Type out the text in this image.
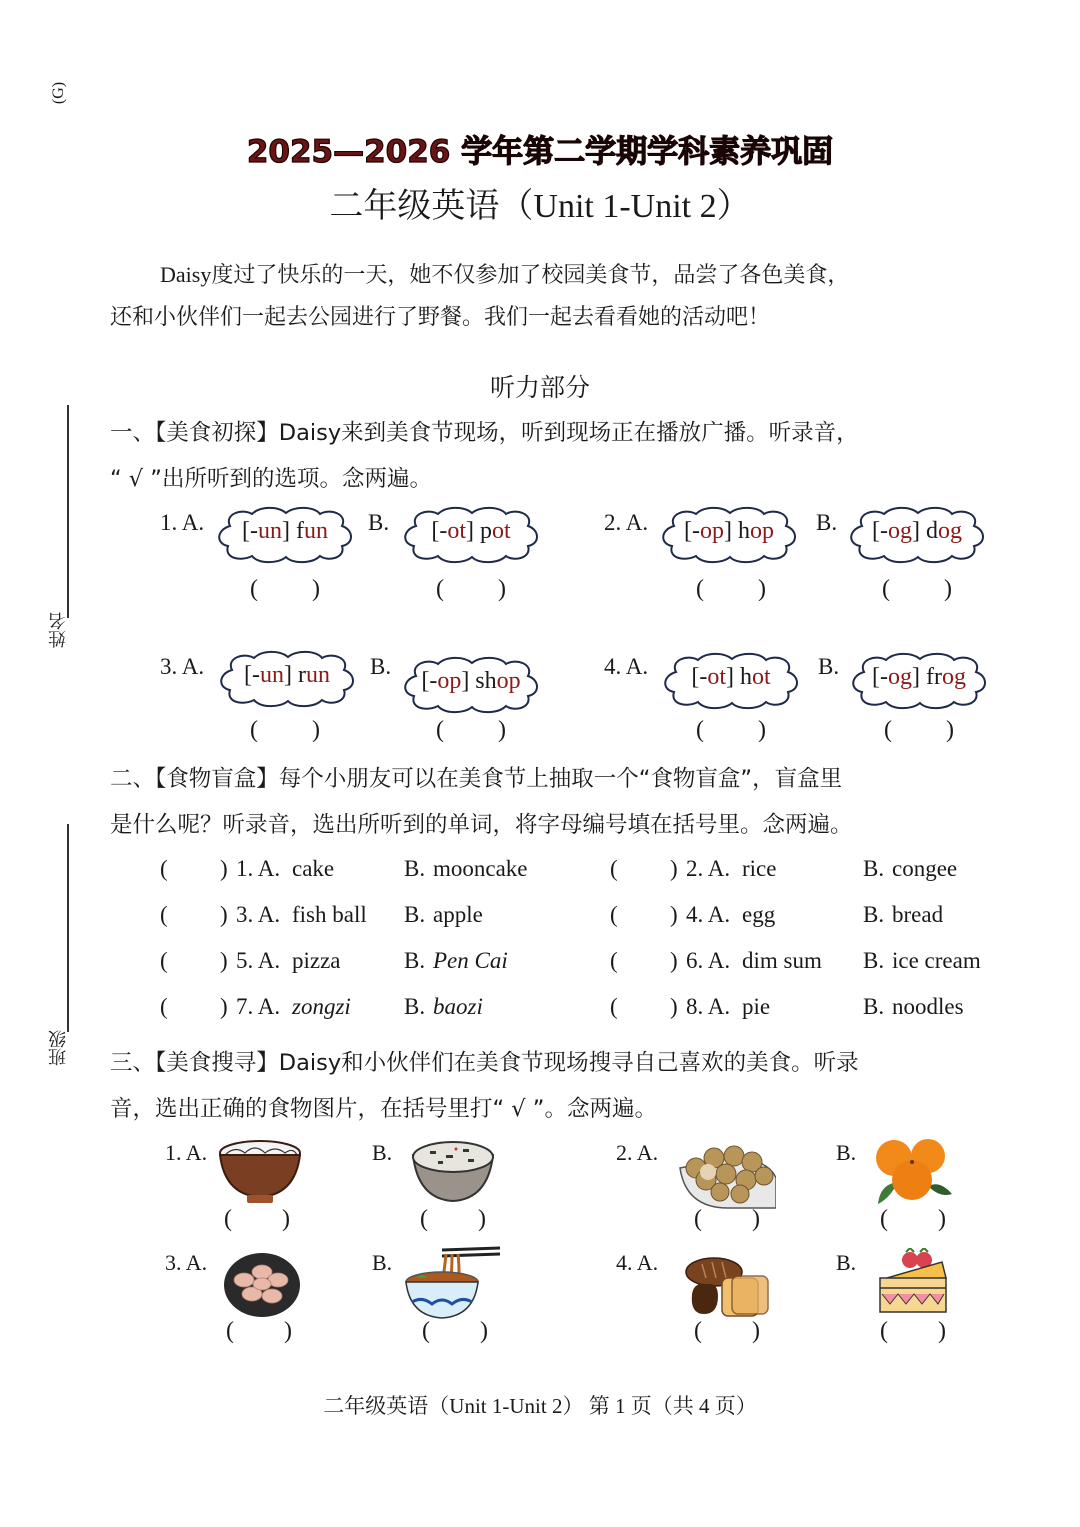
(G)
姓名
班级
2025—2026 学年第二学期学科素养巩固
二年级英语（Unit 1-Unit 2）
Daisy度过了快乐的一天，她不仅参加了校园美食节，品尝了各色美食，
还和小伙伴们一起去公园进行了野餐。我们一起去看看她的活动吧！
听力部分
一、【美食初探】Daisy来到美食节现场，听到现场正在播放广播。听录音，
“ √ ”出所听到的选项。念两遍。
1. A.	[-un] fun	B.	[-ot] pot
( )	( )
2. A.	[-op] hop	B.	[-og] dog
( )	( )
3. A.	[-un] run	B.
[-op] shop
( )	( )
4. A.	[-ot] hot	B.	[-og] frog
( )	( )
二、【食物盲盒】每个小朋友可以在美食节上抽取一个“食物盲盒”，盲盒里
是什么呢？听录音，选出所听到的单词，将字母编号填在括号里。念两遍。
( ) 1. A. cake	B. mooncake	( ) 2. A. rice	B. congee
( ) 3. A. fish ball B. apple	( ) 4. A. egg	B. bread
( ) 5. A. pizza	B. Pen Cai	( ) 6. A. dim sum B. ice cream
( ) 7. A. zongzi B. baozi	( ) 8. A. pie	B. noodles
三、【美食搜寻】Daisy和小伙伴们在美食节现场搜寻自己喜欢的美食。听录
音，选出正确的食物图片，在括号里打“ √ ”。念两遍。
1. A.
( )
B.
( )
2. A.
( )
B.
( )
3. A.
( )
B.
( )
4. A.
( )
B.
( )
二年级英语（Unit 1-Unit 2） 第 1 页（共 4 页）
